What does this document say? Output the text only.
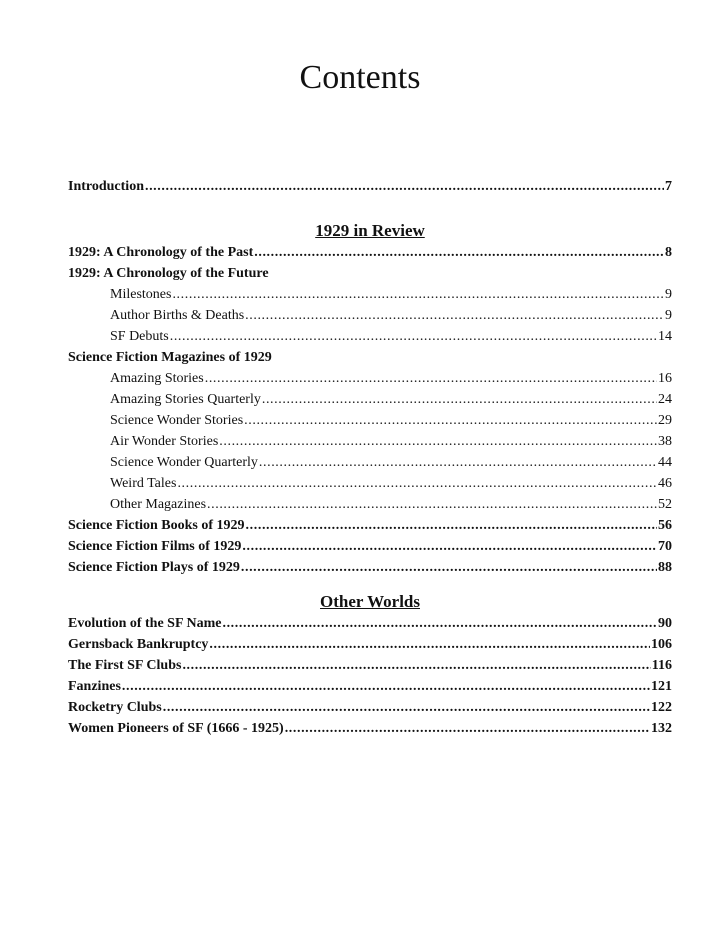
Contents
Introduction .....	7
1929 in Review
1929: A Chronology of the Past .....	8
1929: A Chronology of the Future
Milestones .....	9
Author Births & Deaths .....	9
SF Debuts .....	14
Science Fiction Magazines of 1929
Amazing Stories .....	16
Amazing Stories Quarterly .....	24
Science Wonder Stories .....	29
Air Wonder Stories .....	38
Science Wonder Quarterly .....	44
Weird Tales .....	46
Other Magazines .....	52
Science Fiction Books of 1929 .....	56
Science Fiction Films of 1929 .....	70
Science Fiction Plays of 1929 .....	88
Other Worlds
Evolution of the SF Name .....	90
Gernsback Bankruptcy .....	106
The First SF Clubs .....	116
Fanzines .....	121
Rocketry Clubs .....	122
Women Pioneers of SF (1666 - 1925) .....	132
